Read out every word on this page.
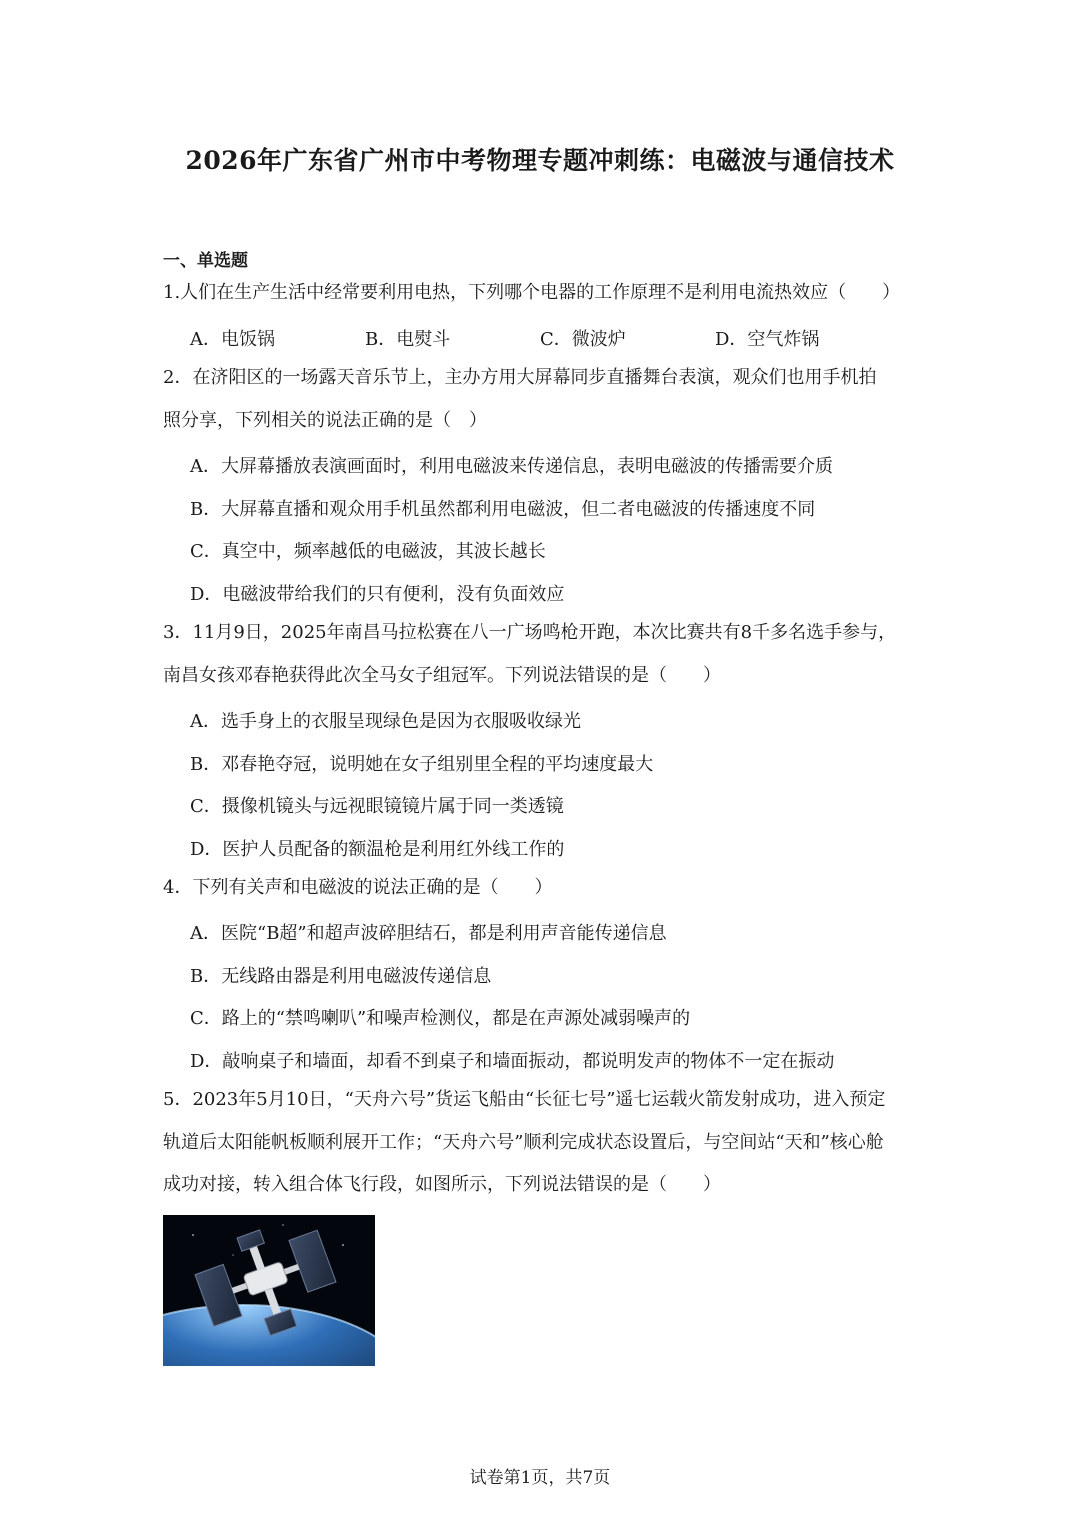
2026年广东省广州市中考物理专题冲刺练：电磁波与通信技术
一、单选题
1.人们在生产生活中经常要利用电热，下列哪个电器的工作原理不是利用电流热效应（　　）
A．电饭锅	B．电熨斗	C．微波炉	D．空气炸锅
2．在济阳区的一场露天音乐节上，主办方用大屏幕同步直播舞台表演，观众们也用手机拍
照分享，下列相关的说法正确的是（　）
A．大屏幕播放表演画面时，利用电磁波来传递信息，表明电磁波的传播需要介质
B．大屏幕直播和观众用手机虽然都利用电磁波，但二者电磁波的传播速度不同
C．真空中，频率越低的电磁波，其波长越长
D．电磁波带给我们的只有便利，没有负面效应
3．11月9日，2025年南昌马拉松赛在八一广场鸣枪开跑，本次比赛共有8千多名选手参与，
南昌女孩邓春艳获得此次全马女子组冠军。下列说法错误的是（　　）
A．选手身上的衣服呈现绿色是因为衣服吸收绿光
B．邓春艳夺冠，说明她在女子组别里全程的平均速度最大
C．摄像机镜头与远视眼镜镜片属于同一类透镜
D．医护人员配备的额温枪是利用红外线工作的
4．下列有关声和电磁波的说法正确的是（　　）
A．医院“B超”和超声波碎胆结石，都是利用声音能传递信息
B．无线路由器是利用电磁波传递信息
C．路上的“禁鸣喇叭”和噪声检测仪，都是在声源处减弱噪声的
D．敲响桌子和墙面，却看不到桌子和墙面振动，都说明发声的物体不一定在振动
5．2023年5月10日，“天舟六号”货运飞船由“长征七号”遥七运载火箭发射成功，进入预定
轨道后太阳能帆板顺利展开工作；“天舟六号”顺利完成状态设置后，与空间站“天和”核心舱
成功对接，转入组合体飞行段，如图所示，下列说法错误的是（　　）
试卷第1页，共7页
